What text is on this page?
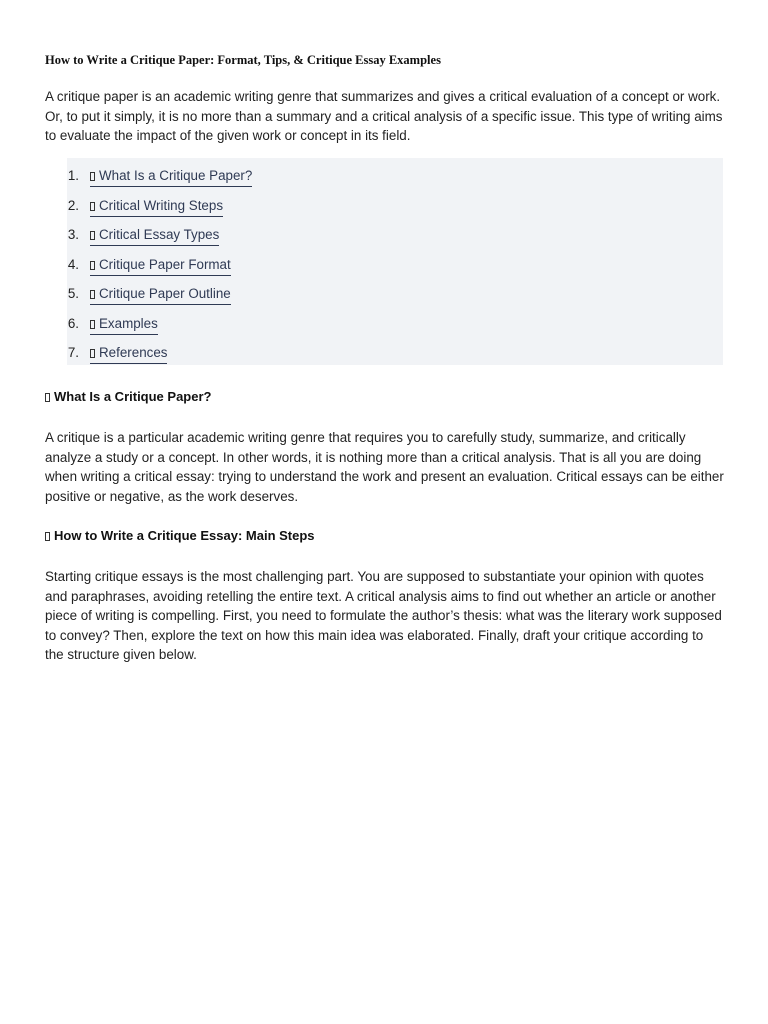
How to Write a Critique Paper: Format, Tips, & Critique Essay Examples

A critique paper is an academic writing genre that summarizes and gives a critical evaluation of a concept or work. Or, to put it simply, it is no more than a summary and a critical analysis of a specific issue. This type of writing aims to evaluate the impact of the given work or concept in its field.

1.	What Is a Critique Paper?
2.	Critical Writing Steps
3.	Critical Essay Types
4.	Critique Paper Format
5.	Critique Paper Outline
6.	Examples
7.	References
What Is a Critique Paper?

A critique is a particular academic writing genre that requires you to carefully study, summarize, and critically analyze a study or a concept. In other words, it is nothing more than a critical analysis. That is all you are doing when writing a critical essay: trying to understand the work and present an evaluation. Critical essays can be either positive or negative, as the work deserves.

How to Write a Critique Essay: Main Steps

Starting critique essays is the most challenging part. You are supposed to substantiate your opinion with quotes and paraphrases, avoiding retelling the entire text. A critical analysis aims to find out whether an article or another piece of writing is compelling. First, you need to formulate the author’s thesis: what was the literary work supposed to convey? Then, explore the text on how this main idea was elaborated. Finally, draft your critique according to the structure given below.
